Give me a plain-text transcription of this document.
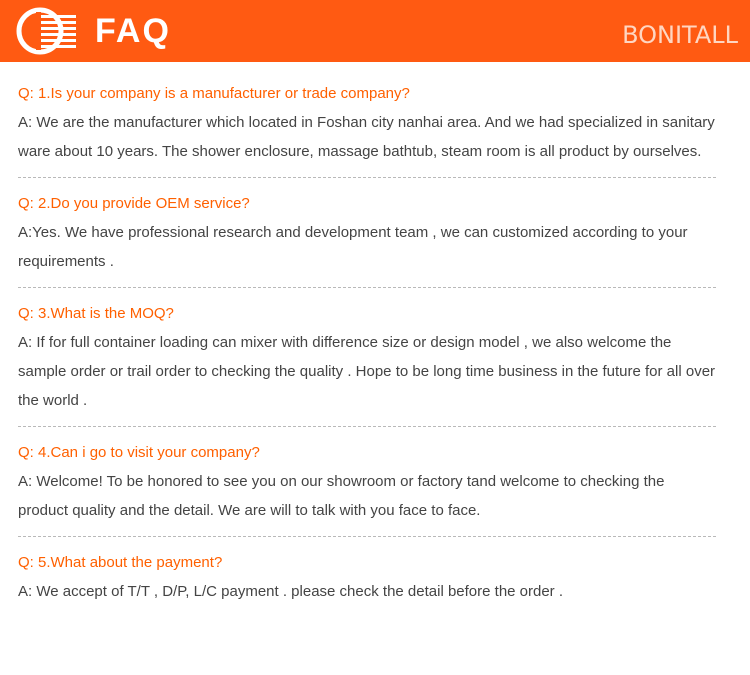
FAQ	BONITALL
Q: 1.Is your company is a manufacturer or trade company?
A: We are the manufacturer which located in Foshan city nanhai area. And we had specialized in sanitary ware about 10 years. The shower enclosure, massage bathtub, steam room is all product by ourselves.
Q: 2.Do you provide OEM service?
A:Yes. We have professional research and development team , we can customized according to your requirements .
Q: 3.What is the MOQ?
A: If for full container loading can mixer with difference size or design model , we also welcome the sample order or trail order to checking the quality . Hope to be long time business in the future for all over the world .
Q: 4.Can i go to visit your company?
A: Welcome! To be honored to see you on our showroom or factory tand welcome to checking the product quality and the detail. We are will to talk with you face to face.
Q: 5.What about the payment?
A: We accept of T/T , D/P, L/C payment . please check the detail before the order .
